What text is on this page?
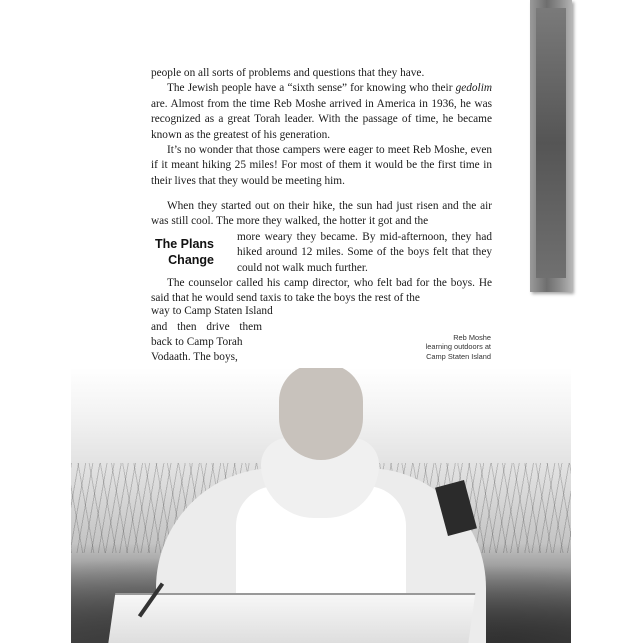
people on all sorts of problems and questions that they have.

The Jewish people have a “sixth sense” for knowing who their gedolim are. Almost from the time Reb Moshe arrived in America in 1936, he was recognized as a great Torah leader. With the passage of time, he became known as the greatest of his generation.

It’s no wonder that those campers were eager to meet Reb Moshe, even if it meant hiking 25 miles! For most of them it would be the first time in their lives that they would be meeting him.

When they started out on their hike, the sun had just risen and the air was still cool. The more they walked, the hotter it got and the

more weary they became. By mid-afternoon, they had hiked around 12 miles. Some of the boys felt that they could not walk much further.

The counselor called his camp director, who felt bad for the boys. He said that he would send taxis to take the boys the rest of the

The Plans
Change
way to Camp Staten Island
and then drive them
back to Camp Torah
Vodaath. The boys,
Reb Moshe
learning outdoors at
Camp Staten Island
